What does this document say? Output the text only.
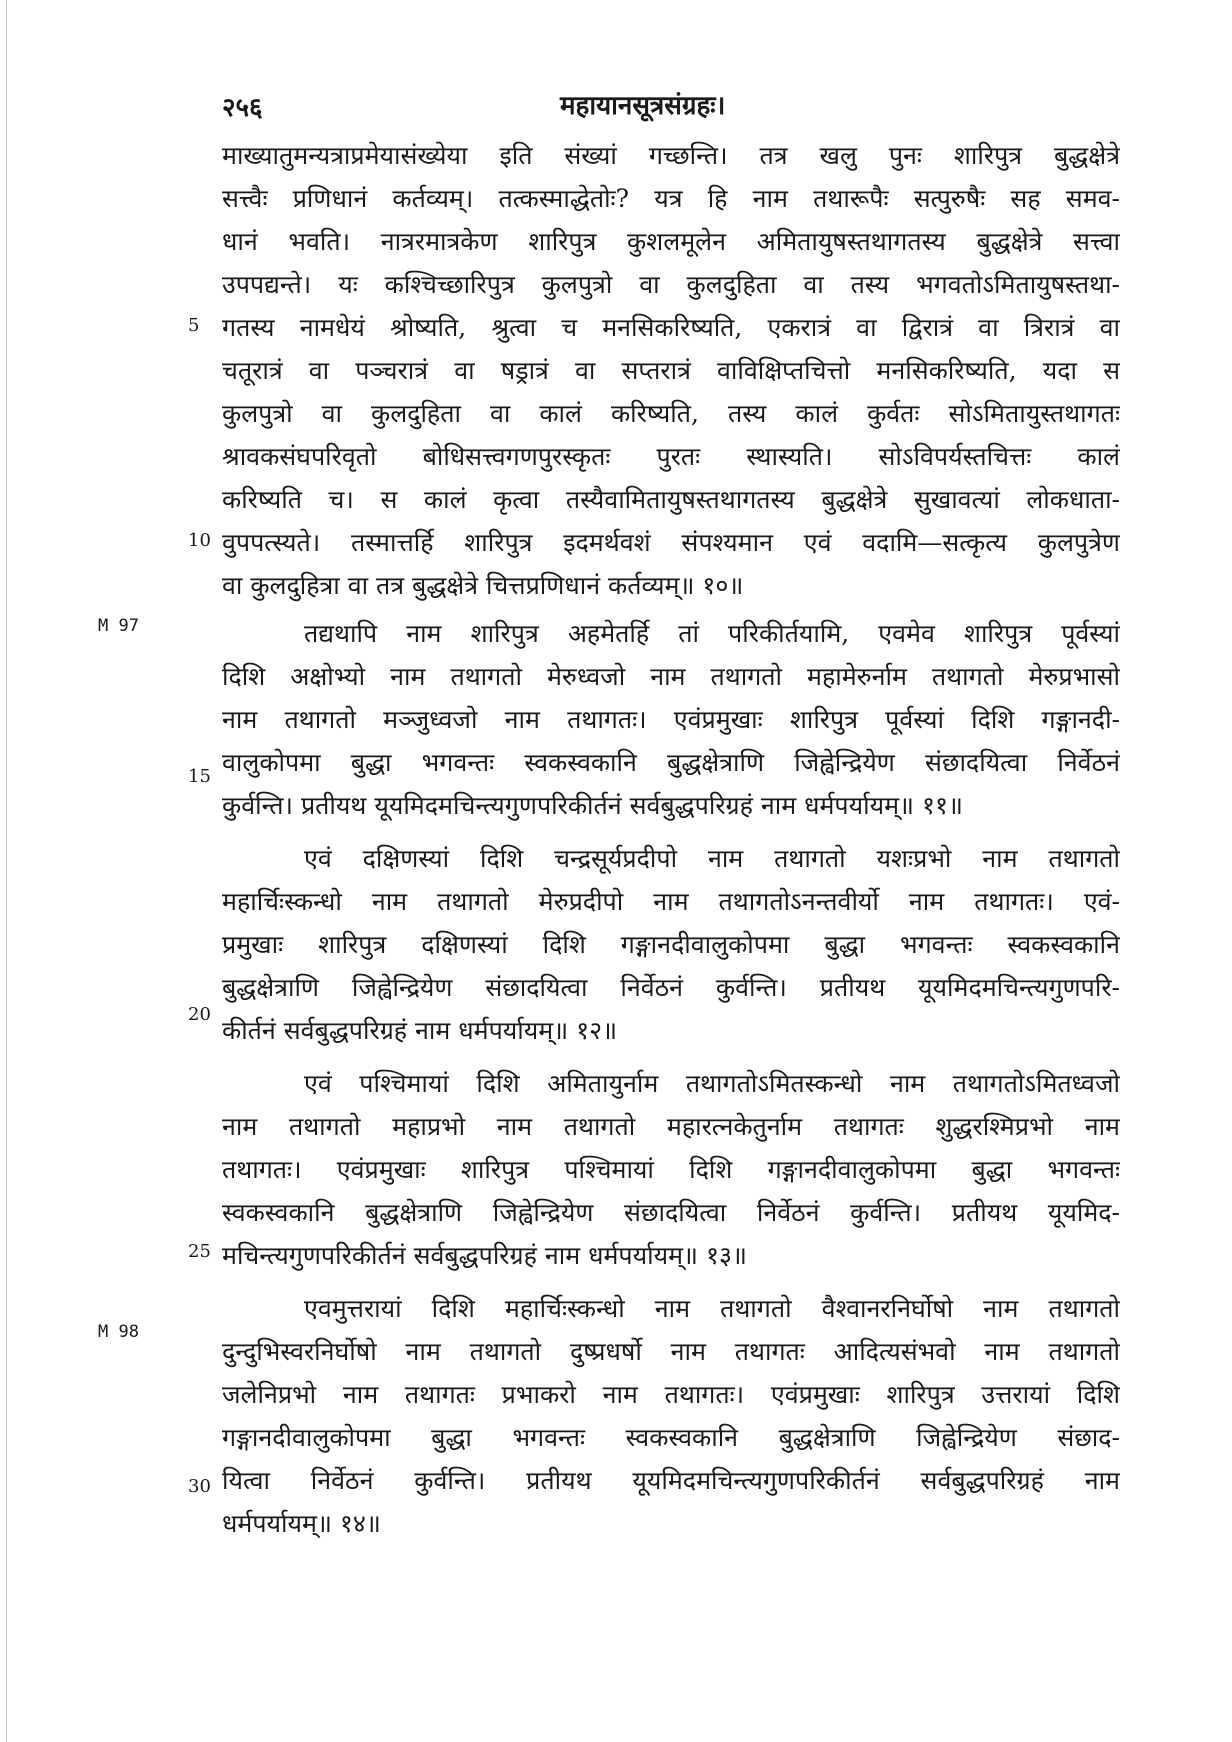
२५६	महायानसूत्रसंग्रहः।
M 97
M 98
5
10
15
20
25
30
माख्यातुमन्यत्राप्रमेयासंख्येया इति संख्यां गच्छन्ति। तत्र खलु पुनः शारिपुत्र बुद्धक्षेत्रे
सत्त्वैः प्रणिधानं कर्तव्यम्। तत्कस्माद्धेतोः? यत्र हि नाम तथारूपैः सत्पुरुषैः सह समव-
धानं भवति। नात्ररमात्रकेण शारिपुत्र कुशलमूलेन अमितायुषस्तथागतस्य बुद्धक्षेत्रे सत्त्वा
उपपद्यन्ते। यः कश्चिच्छारिपुत्र कुलपुत्रो वा कुलदुहिता वा तस्य भगवतोऽमितायुषस्तथा-
गतस्य नामधेयं श्रोष्यति, श्रुत्वा च मनसिकरिष्यति, एकरात्रं वा द्विरात्रं वा त्रिरात्रं वा
चतूरात्रं वा पञ्चरात्रं वा षड्रात्रं वा सप्तरात्रं वाविक्षिप्तचित्तो मनसिकरिष्यति, यदा स
कुलपुत्रो वा कुलदुहिता वा कालं करिष्यति, तस्य कालं कुर्वतः सोऽमितायुस्तथागतः
श्रावकसंघपरिवृतो बोधिसत्त्वगणपुरस्कृतः पुरतः स्थास्यति। सोऽविपर्यस्तचित्तः कालं
करिष्यति च। स कालं कृत्वा तस्यैवामितायुषस्तथागतस्य बुद्धक्षेत्रे सुखावत्यां लोकधाता-
वुपपत्स्यते। तस्मात्तर्हि शारिपुत्र इदमर्थवशं संपश्यमान एवं वदामि—सत्कृत्य कुलपुत्रेण
वा कुलदुहित्रा वा तत्र बुद्धक्षेत्रे चित्तप्रणिधानं कर्तव्यम्॥ १०॥
तद्यथापि नाम शारिपुत्र अहमेतर्हि तां परिकीर्तयामि, एवमेव शारिपुत्र पूर्वस्यां
दिशि अक्षोभ्यो नाम तथागतो मेरुध्वजो नाम तथागतो महामेरुर्नाम तथागतो मेरुप्रभासो
नाम तथागतो मञ्जुध्वजो नाम तथागतः। एवंप्रमुखाः शारिपुत्र पूर्वस्यां दिशि गङ्गानदी-
वालुकोपमा बुद्धा भगवन्तः स्वकस्वकानि बुद्धक्षेत्राणि जिह्वेन्द्रियेण संछादयित्वा निर्वेठनं
कुर्वन्ति। प्रतीयथ यूयमिदमचिन्त्यगुणपरिकीर्तनं सर्वबुद्धपरिग्रहं नाम धर्मपर्यायम्॥ ११॥
एवं दक्षिणस्यां दिशि चन्द्रसूर्यप्रदीपो नाम तथागतो यशःप्रभो नाम तथागतो
महार्चिःस्कन्धो नाम तथागतो मेरुप्रदीपो नाम तथागतोऽनन्तवीर्यो नाम तथागतः। एवं-
प्रमुखाः शारिपुत्र दक्षिणस्यां दिशि गङ्गानदीवालुकोपमा बुद्धा भगवन्तः स्वकस्वकानि
बुद्धक्षेत्राणि जिह्वेन्द्रियेण संछादयित्वा निर्वेठनं कुर्वन्ति। प्रतीयथ यूयमिदमचिन्त्यगुणपरि-
कीर्तनं सर्वबुद्धपरिग्रहं नाम धर्मपर्यायम्॥ १२॥
एवं पश्चिमायां दिशि अमितायुर्नाम तथागतोऽमितस्कन्धो नाम तथागतोऽमितध्वजो
नाम तथागतो महाप्रभो नाम तथागतो महारत्नकेतुर्नाम तथागतः शुद्धरश्मिप्रभो नाम
तथागतः। एवंप्रमुखाः शारिपुत्र पश्चिमायां दिशि गङ्गानदीवालुकोपमा बुद्धा भगवन्तः
स्वकस्वकानि बुद्धक्षेत्राणि जिह्वेन्द्रियेण संछादयित्वा निर्वेठनं कुर्वन्ति। प्रतीयथ यूयमिद-
मचिन्त्यगुणपरिकीर्तनं सर्वबुद्धपरिग्रहं नाम धर्मपर्यायम्॥ १३॥
एवमुत्तरायां दिशि महार्चिःस्कन्धो नाम तथागतो वैश्वानरनिर्घोषो नाम तथागतो
दुन्दुभिस्वरनिर्घोषो नाम तथागतो दुष्प्रधर्षो नाम तथागतः आदित्यसंभवो नाम तथागतो
जलेनिप्रभो नाम तथागतः प्रभाकरो नाम तथागतः। एवंप्रमुखाः शारिपुत्र उत्तरायां दिशि
गङ्गानदीवालुकोपमा बुद्धा भगवन्तः स्वकस्वकानि बुद्धक्षेत्राणि जिह्वेन्द्रियेण संछाद-
यित्वा निर्वेठनं कुर्वन्ति। प्रतीयथ यूयमिदमचिन्त्यगुणपरिकीर्तनं सर्वबुद्धपरिग्रहं नाम
धर्मपर्यायम्॥ १४॥
